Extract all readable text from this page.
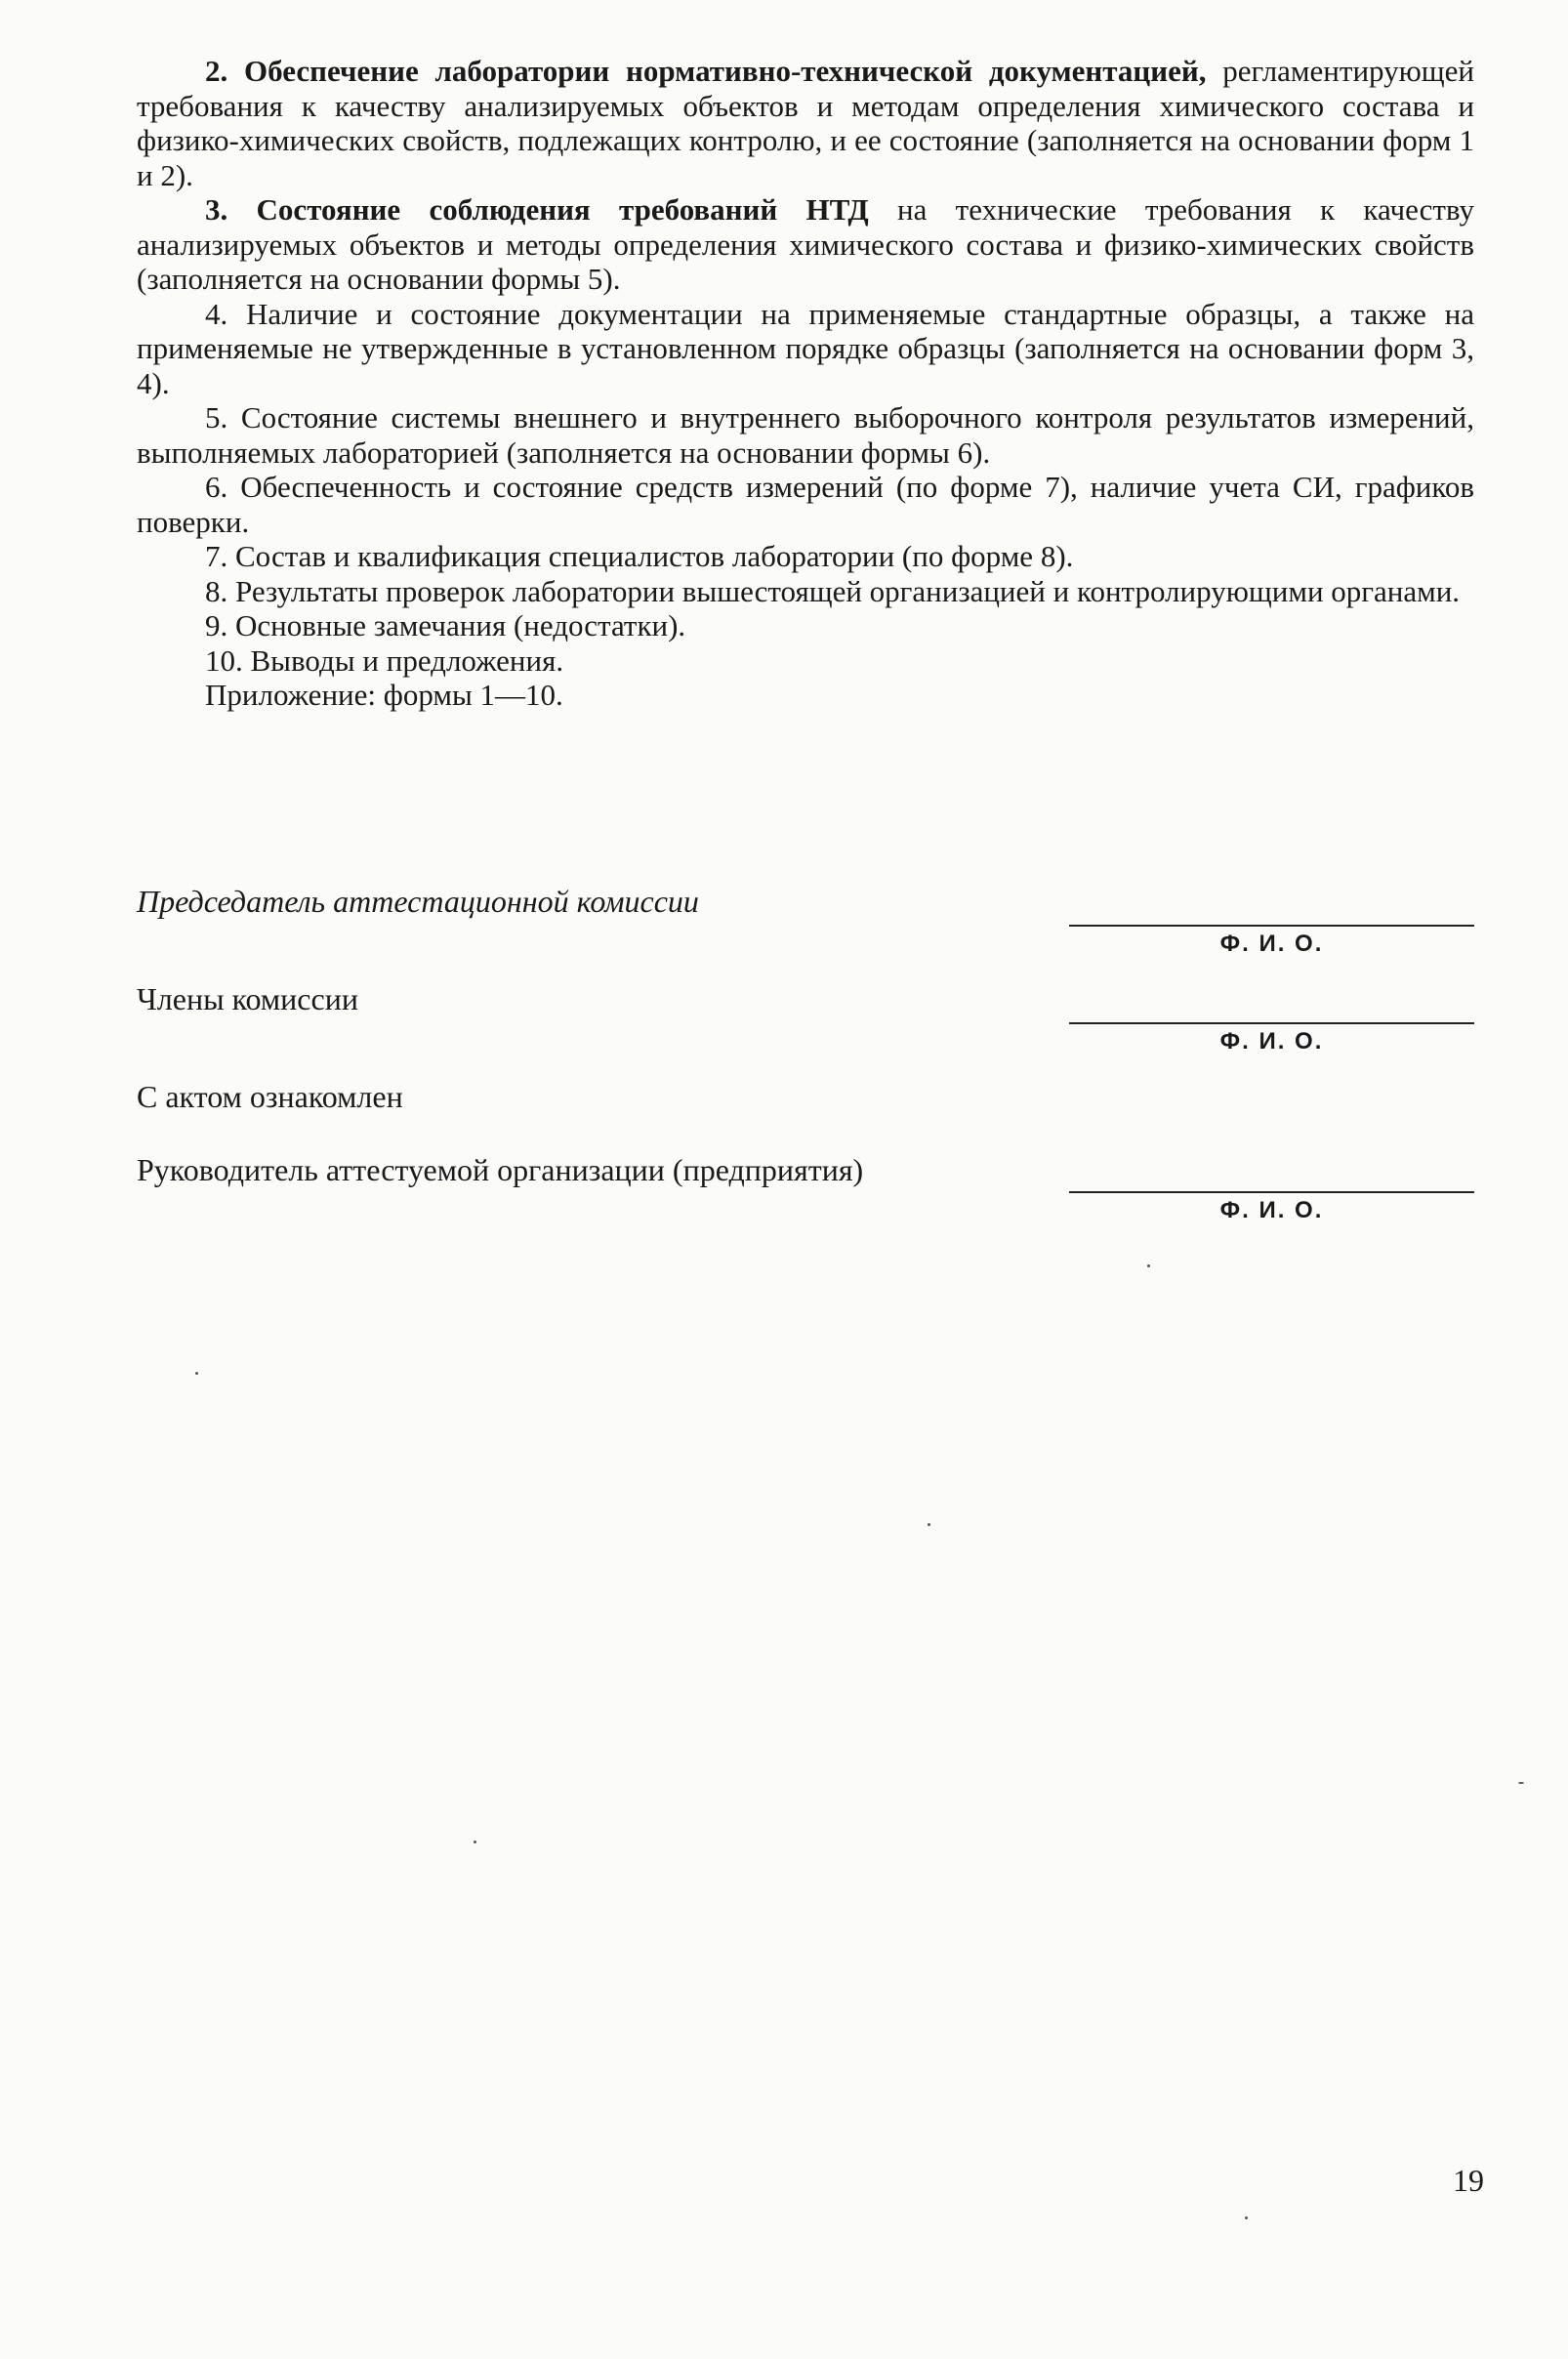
2. Обеспечение лаборатории нормативно-технической документацией, регламентирующей требования к качеству анализируемых объектов и методам определения химического состава и физико-химических свойств, подлежащих контролю, и ее состояние (заполняется на основании форм 1 и 2).

3. Состояние соблюдения требований НТД на технические требования к качеству анализируемых объектов и методы определения химического состава и физико-химических свойств (заполняется на основании формы 5).

4. Наличие и состояние документации на применяемые стандартные образцы, а также на применяемые не утвержденные в установленном порядке образцы (заполняется на основании форм 3, 4).

5. Состояние системы внешнего и внутреннего выборочного контроля результатов измерений, выполняемых лабораторией (заполняется на основании формы 6).

6. Обеспеченность и состояние средств измерений (по форме 7), наличие учета СИ, графиков поверки.

7. Состав и квалификация специалистов лаборатории (по форме 8).

8. Результаты проверок лаборатории вышестоящей организацией и контролирующими органами.

9. Основные замечания (недостатки).

10. Выводы и предложения.

Приложение: формы 1—10.

Председатель аттестационной комиссии
Ф. И. О.
Члены комиссии
Ф. И. О.
С актом ознакомлен
Руководитель аттестуемой организации (предприятия)
Ф. И. О.
19
